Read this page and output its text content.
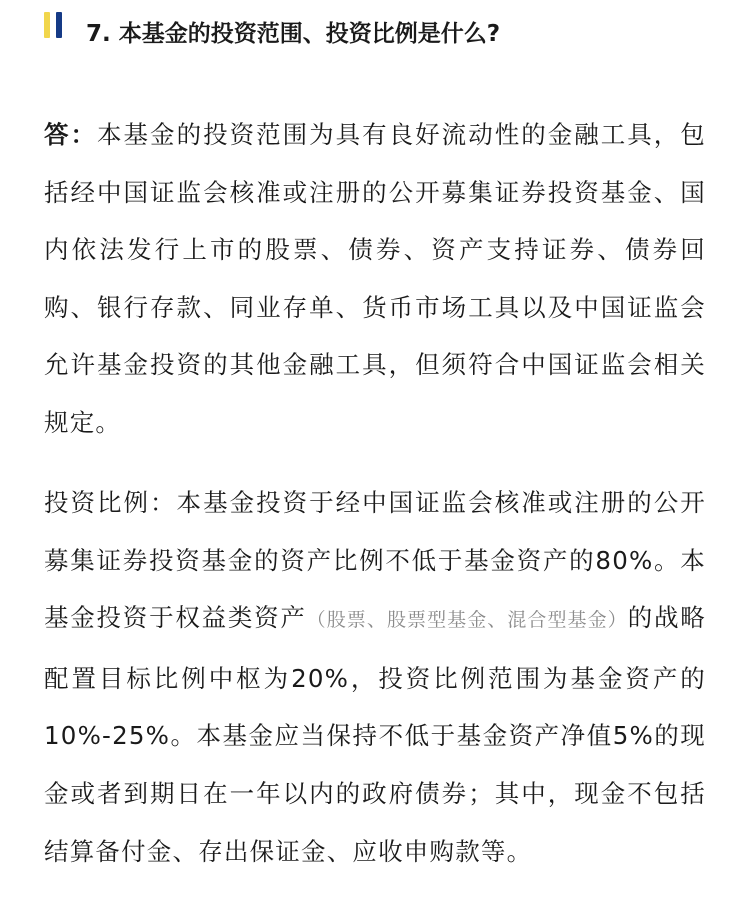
7. 本基金的投资范围、投资比例是什么?

答：本基金的投资范围为具有良好流动性的金融工具，包括经中国证监会核准或注册的公开募集证券投资基金、国内依法发行上市的股票、债券、资产支持证券、债券回购、银行存款、同业存单、货币市场工具以及中国证监会允许基金投资的其他金融工具，但须符合中国证监会相关规定。

投资比例：本基金投资于经中国证监会核准或注册的公开募集证券投资基金的资产比例不低于基金资产的80%。本基金投资于权益类资产（股票、股票型基金、混合型基金）的战略配置目标比例中枢为20%，投资比例范围为基金资产的10%-25%。本基金应当保持不低于基金资产净值5%的现金或者到期日在一年以内的政府债券；其中，现金不包括结算备付金、存出保证金、应收申购款等。
